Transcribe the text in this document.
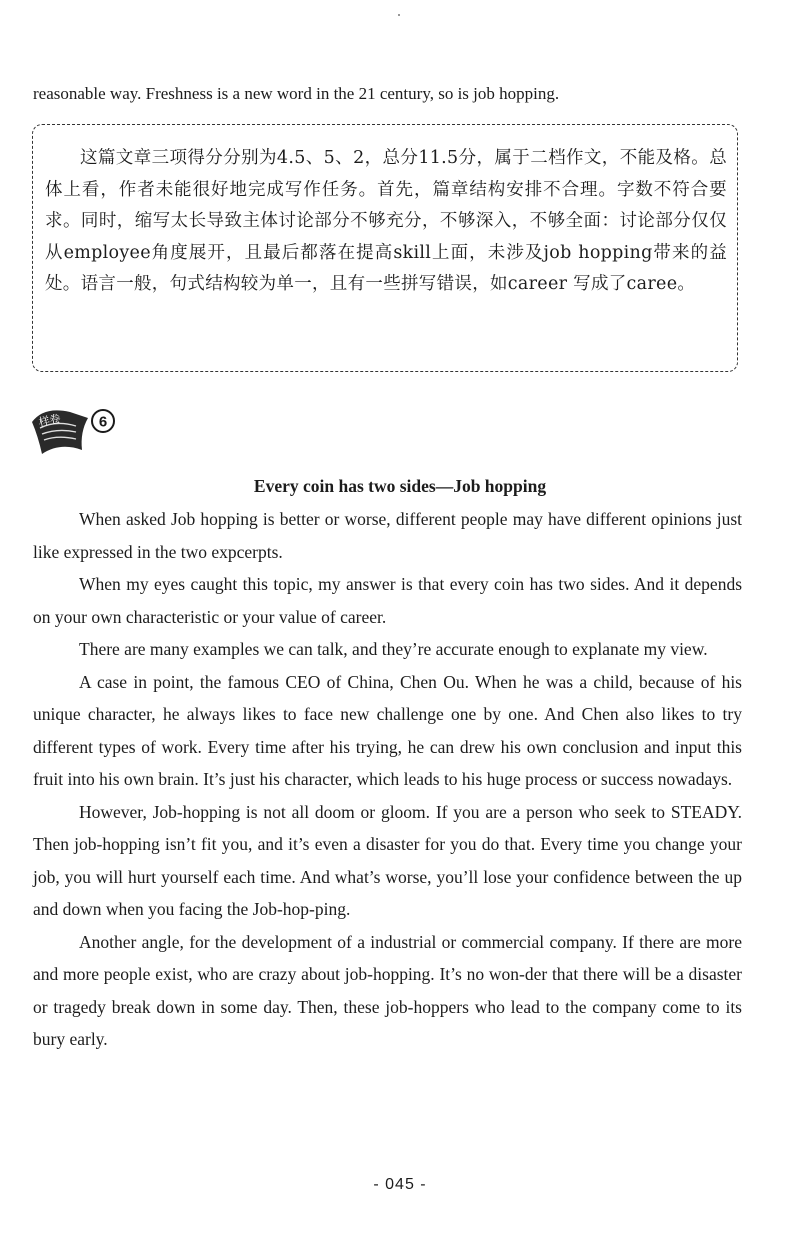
reasonable way. Freshness is a new word in the 21 century, so is job hopping.
这篇文章三项得分分别为4.5、5、2，总分11.5分，属于二档作文，不能及格。总体上看，作者未能很好地完成写作任务。首先，篇章结构安排不合理。字数不符合要求。同时，缩写太长导致主体讨论部分不够充分，不够深入，不够全面：讨论部分仅仅从employee角度展开，且最后都落在提高skill上面，未涉及job hopping带来的益处。语言一般，句式结构较为单一，且有一些拼写错误，如career 写成了caree。
样卷 6
Every coin has two sides—Job hopping

When asked Job hopping is better or worse, different people may have different opinions just like expressed in the two expcerpts.

When my eyes caught this topic, my answer is that every coin has two sides. And it depends on your own characteristic or your value of career.

There are many examples we can talk, and they’re accurate enough to explanate my view.

A case in point, the famous CEO of China, Chen Ou. When he was a child, because of his unique character, he always likes to face new challenge one by one. And Chen also likes to try different types of work. Every time after his trying, he can drew his own conclusion and input this fruit into his own brain. It’s just his character, which leads to his huge process or success nowadays.

However, Job-hopping is not all doom or gloom. If you are a person who seek to STEADY. Then job-hopping isn’t fit you, and it’s even a disaster for you do that. Every time you change your job, you will hurt yourself each time. And what’s worse, you’ll lose your confidence between the up and down when you facing the Job-hop-ping.

Another angle, for the development of a industrial or commercial company. If there are more and more people exist, who are crazy about job-hopping. It’s no won-der that there will be a disaster or tragedy break down in some day. Then, these job-hoppers who lead to the company come to its bury early.

- 045 -
